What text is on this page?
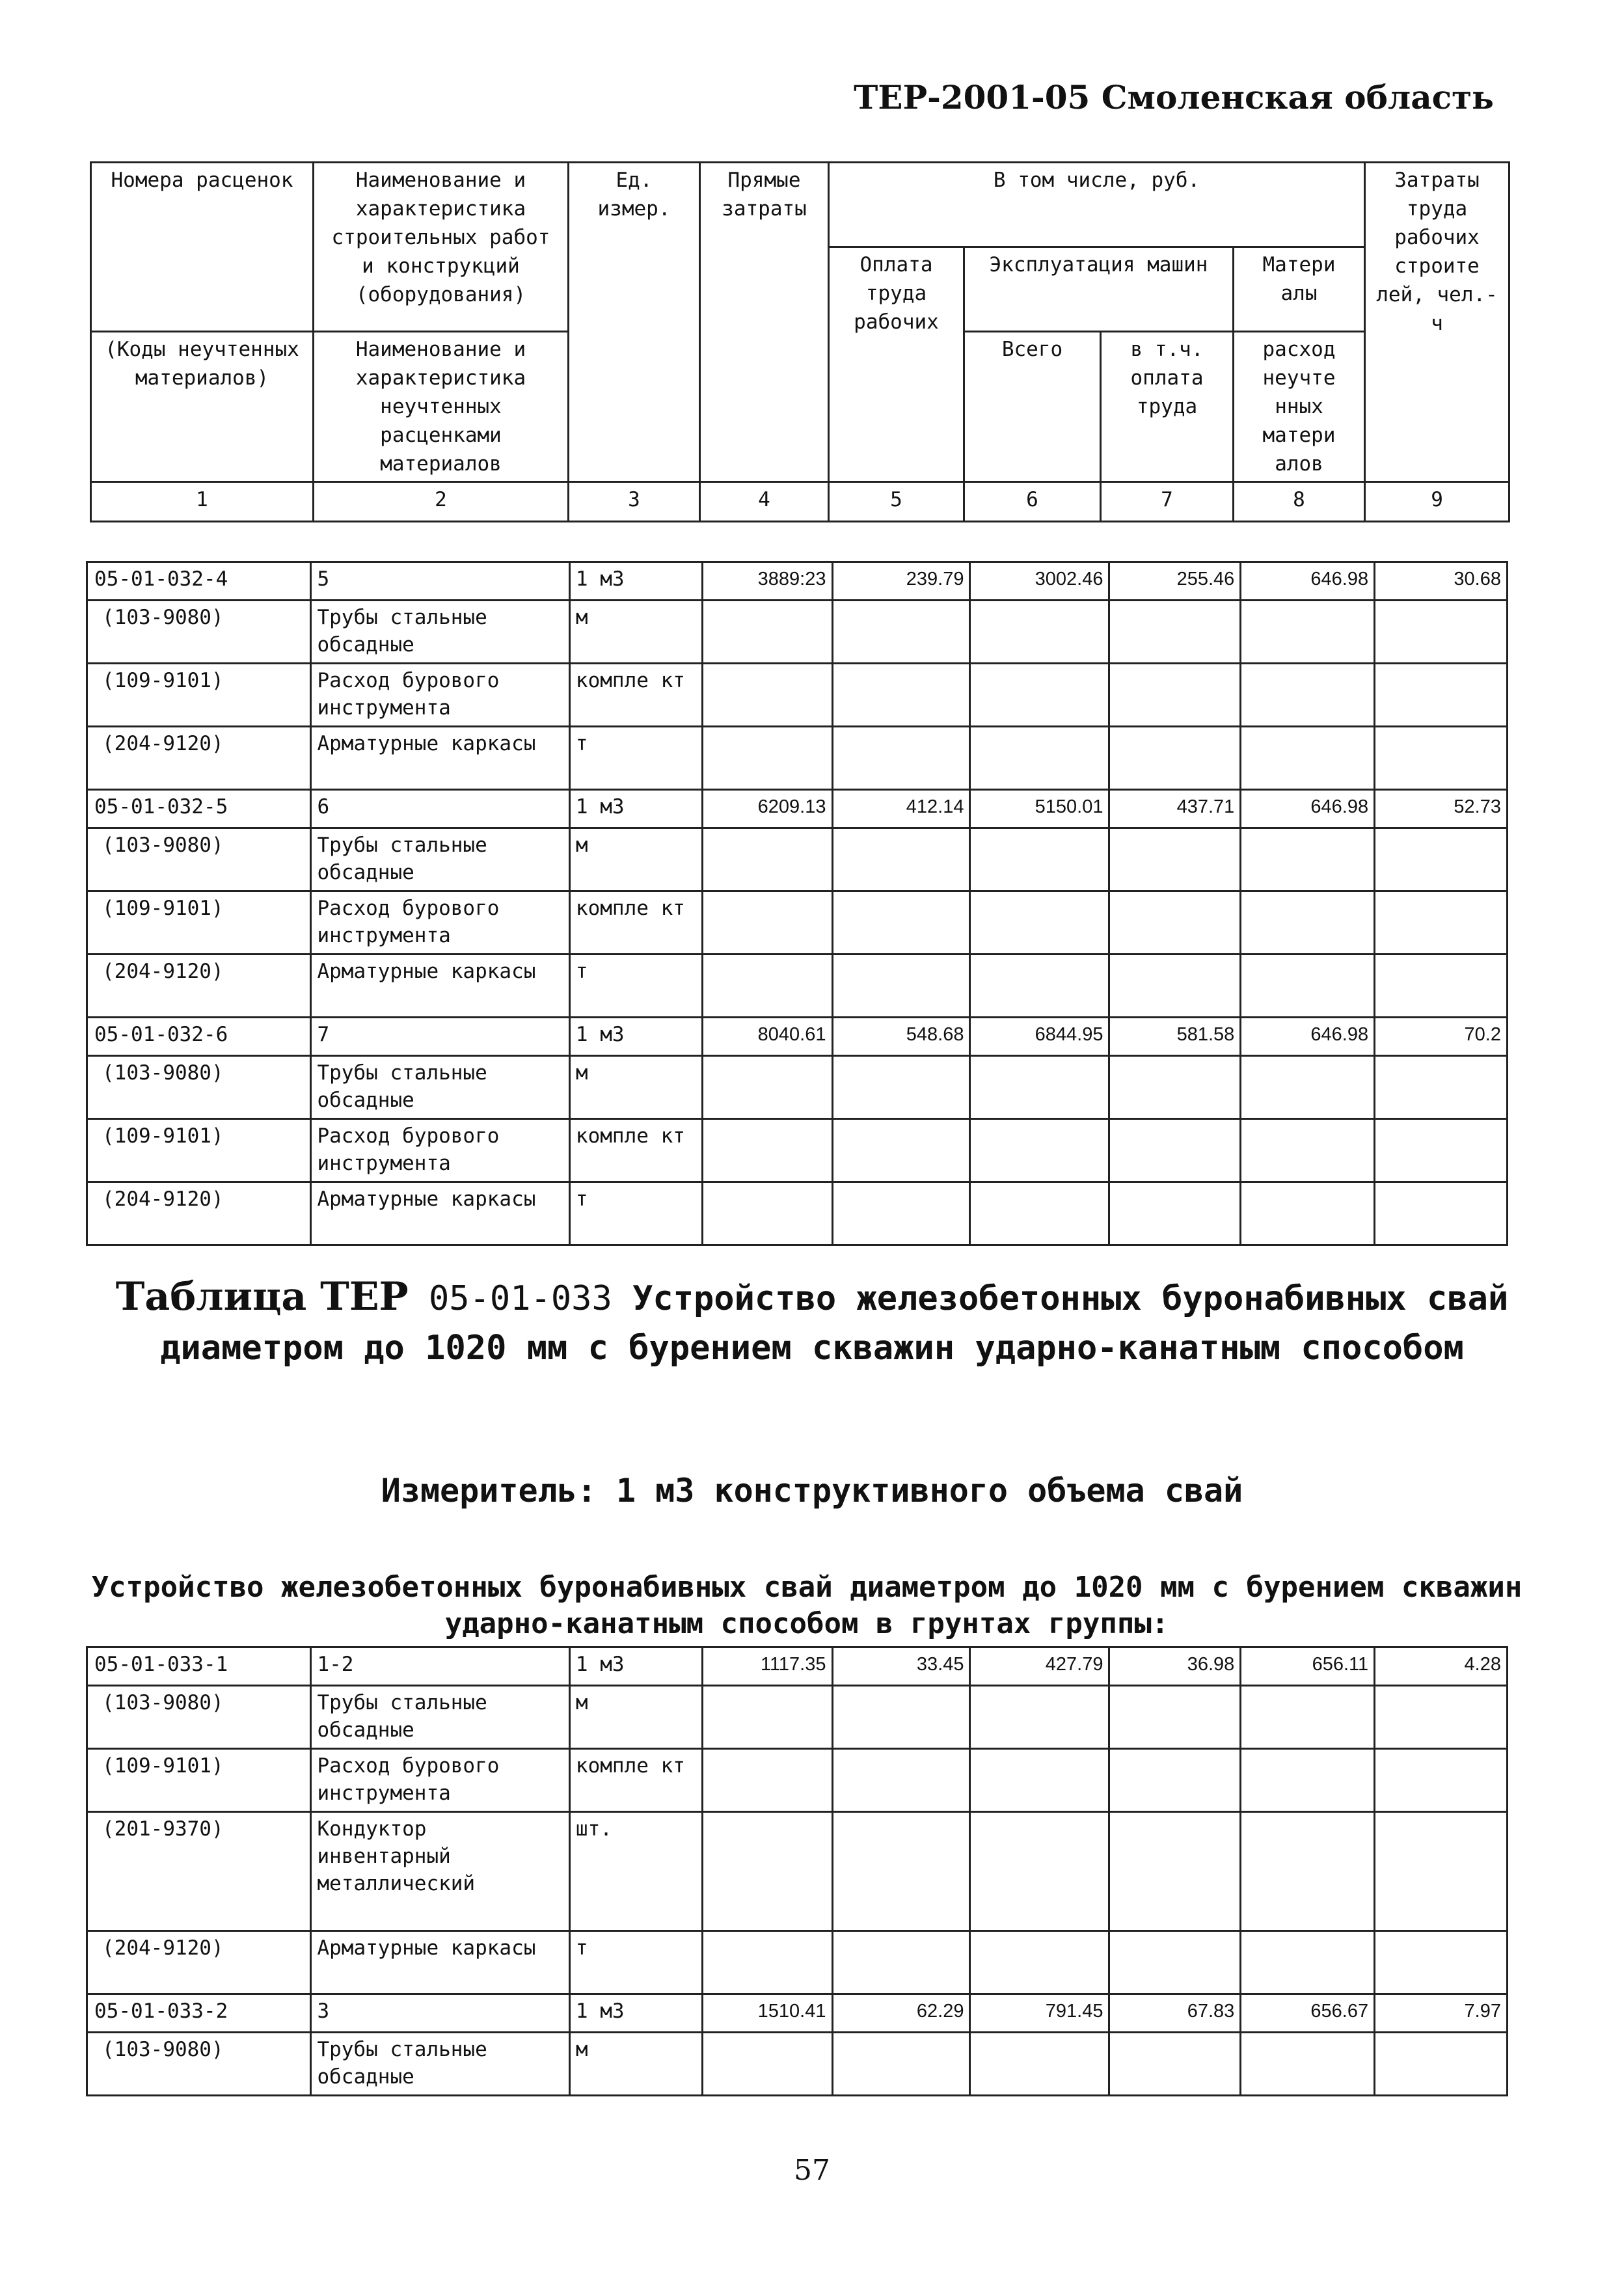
ТЕР-2001-05 Смоленская область
Номера расценок	Наименование и характеристика строительных работ и конструкций (оборудования)	Ед. измер.	Прямые затраты	В том числе, руб.				Затраты труда рабочих строите лей, чел.-ч
				Оплата труда рабочих	Эксплуатация машин		Матери алы	
(Коды неучтенных материалов)	Наименование и характеристика неучтенных расценками материалов				Всего	в т.ч. оплата труда	расход неучте нных матери алов	
1	2	3	4	5	6	7	8	9
05-01-032-4	5	1 м3	3889:23	239.79	3002.46	255.46	646.98	30.68
(103-9080)	Трубы стальные обсадные	м						
(109-9101)	Расход бурового инструмента	компле кт						
(204-9120)	Арматурные каркасы	т						
05-01-032-5	6	1 м3	6209.13	412.14	5150.01	437.71	646.98	52.73
(103-9080)	Трубы стальные обсадные	м						
(109-9101)	Расход бурового инструмента	компле кт						
(204-9120)	Арматурные каркасы	т						
05-01-032-6	7	1 м3	8040.61	548.68	6844.95	581.58	646.98	70.2
(103-9080)	Трубы стальные обсадные	м						
(109-9101)	Расход бурового инструмента	компле кт						
(204-9120)	Арматурные каркасы	т						
Таблица ТЕР 05-01-033 Устройство железобетонных буронабивных свай диаметром до 1020 мм с бурением скважин ударно-канатным способом
Измеритель: 1 м3 конструктивного объема свай
Устройство железобетонных буронабивных свай диаметром до 1020 мм с бурением скважин ударно-канатным способом в грунтах группы:
05-01-033-1	1-2	1 м3	1117.35	33.45	427.79	36.98	656.11	4.28
(103-9080)	Трубы стальные обсадные	м						
(109-9101)	Расход бурового инструмента	компле кт						
(201-9370)	Кондуктор инвентарный металлический	шт.						
(204-9120)	Арматурные каркасы	т						
05-01-033-2	3	1 м3	1510.41	62.29	791.45	67.83	656.67	7.97
(103-9080)	Трубы стальные обсадные	м						
57
